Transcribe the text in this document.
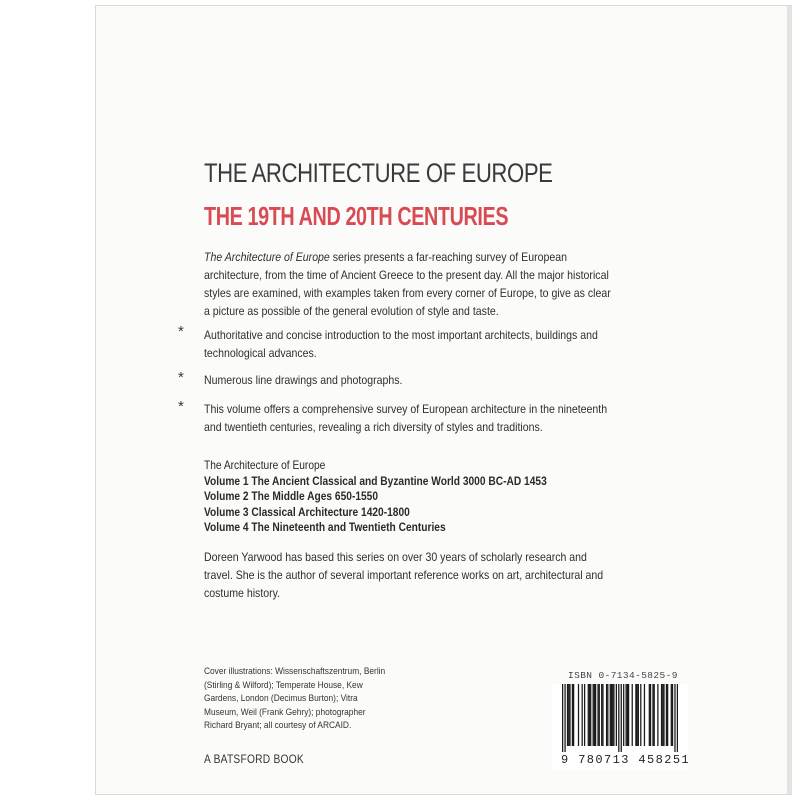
THE ARCHITECTURE OF EUROPE
THE 19TH AND 20TH CENTURIES
The Architecture of Europe series presents a far-reaching survey of European architecture, from the time of Ancient Greece to the present day. All the major historical styles are examined, with examples taken from every corner of Europe, to give as clear a picture as possible of the general evolution of style and taste.
* Authoritative and concise introduction to the most important architects, buildings and technological advances.
* Numerous line drawings and photographs.
* This volume offers a comprehensive survey of European architecture in the nineteenth and twentieth centuries, revealing a rich diversity of styles and traditions.
The Architecture of Europe
Volume 1 The Ancient Classical and Byzantine World 3000 BC-AD 1453
Volume 2 The Middle Ages 650-1550
Volume 3 Classical Architecture 1420-1800
Volume 4 The Nineteenth and Twentieth Centuries
Doreen Yarwood has based this series on over 30 years of scholarly research and travel. She is the author of several important reference works on art, architectural and costume history.
Cover illustrations: Wissenschaftszentrum, Berlin (Stirling & Wilford); Temperate House, Kew Gardens, London (Decimus Burton); Vitra Museum, Weil (Frank Gehry); photographer Richard Bryant; all courtesy of ARCAID.
A BATSFORD BOOK
ISBN 0-7134-5825-9
9 780713 458251
